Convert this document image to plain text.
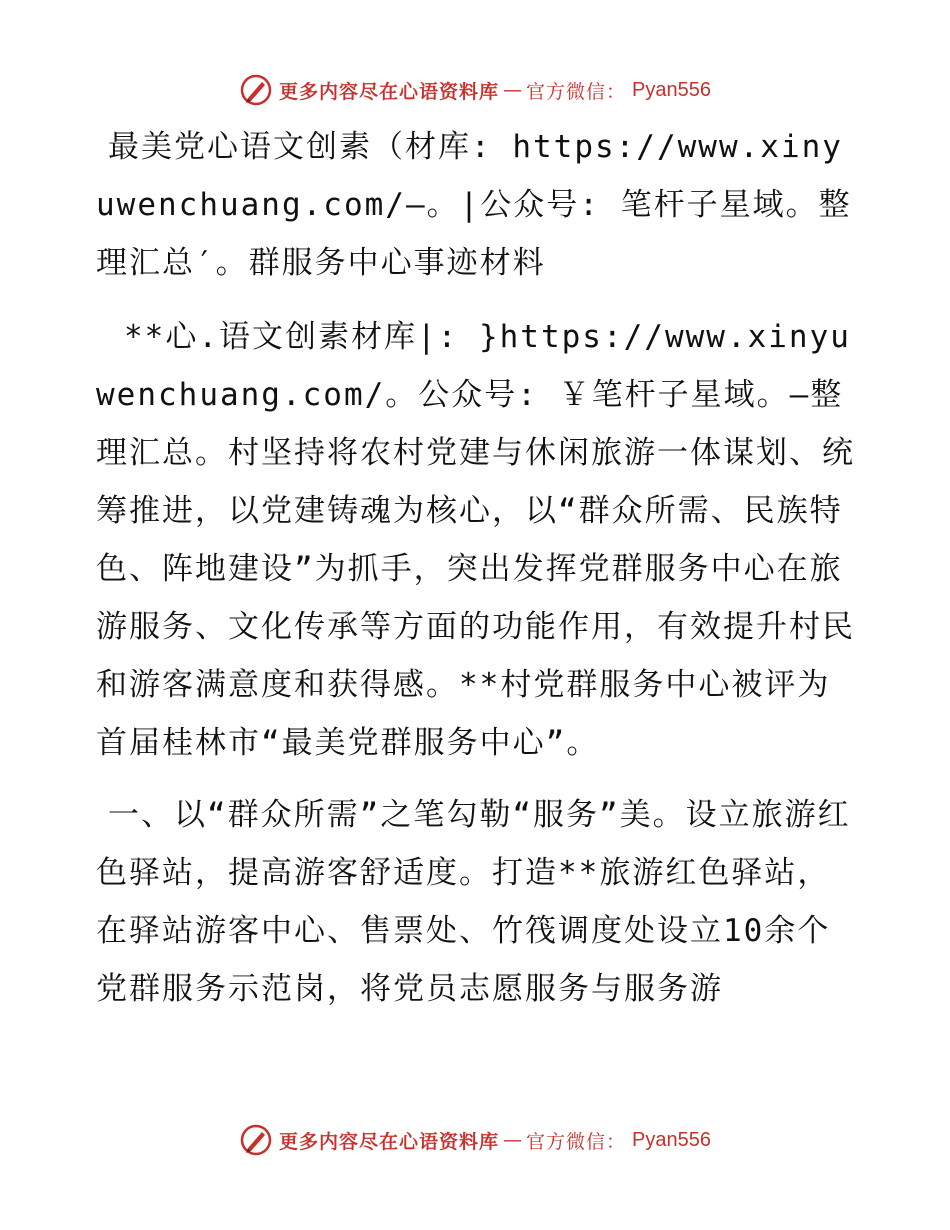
更多内容尽在心语资料库 — 官方微信： Pyan556

最美党心语文创素（材库: https://www.xinyuwenchuang.com/—。|公众号: 笔杆子星域。整理汇总′。群服务中心事迹材料

**心.语文创素材库|: }https://www.xinyuwenchuang.com/。公众号: ￥笔杆子星域。—整理汇总。村坚持将农村党建与休闲旅游一体谋划、统筹推进，以党建铸魂为核心，以“群众所需、民族特色、阵地建设”为抓手，突出发挥党群服务中心在旅游服务、文化传承等方面的功能作用，有效提升村民和游客满意度和获得感。**村党群服务中心被评为首届桂林市“最美党群服务中心”。

一、以“群众所需”之笔勾勒“服务”美。设立旅游红色驿站，提高游客舒适度。打造**旅游红色驿站，在驿站游客中心、售票处、竹筏调度处设立10余个党群服务示范岗，将党员志愿服务与服务游

更多内容尽在心语资料库 — 官方微信： Pyan556
